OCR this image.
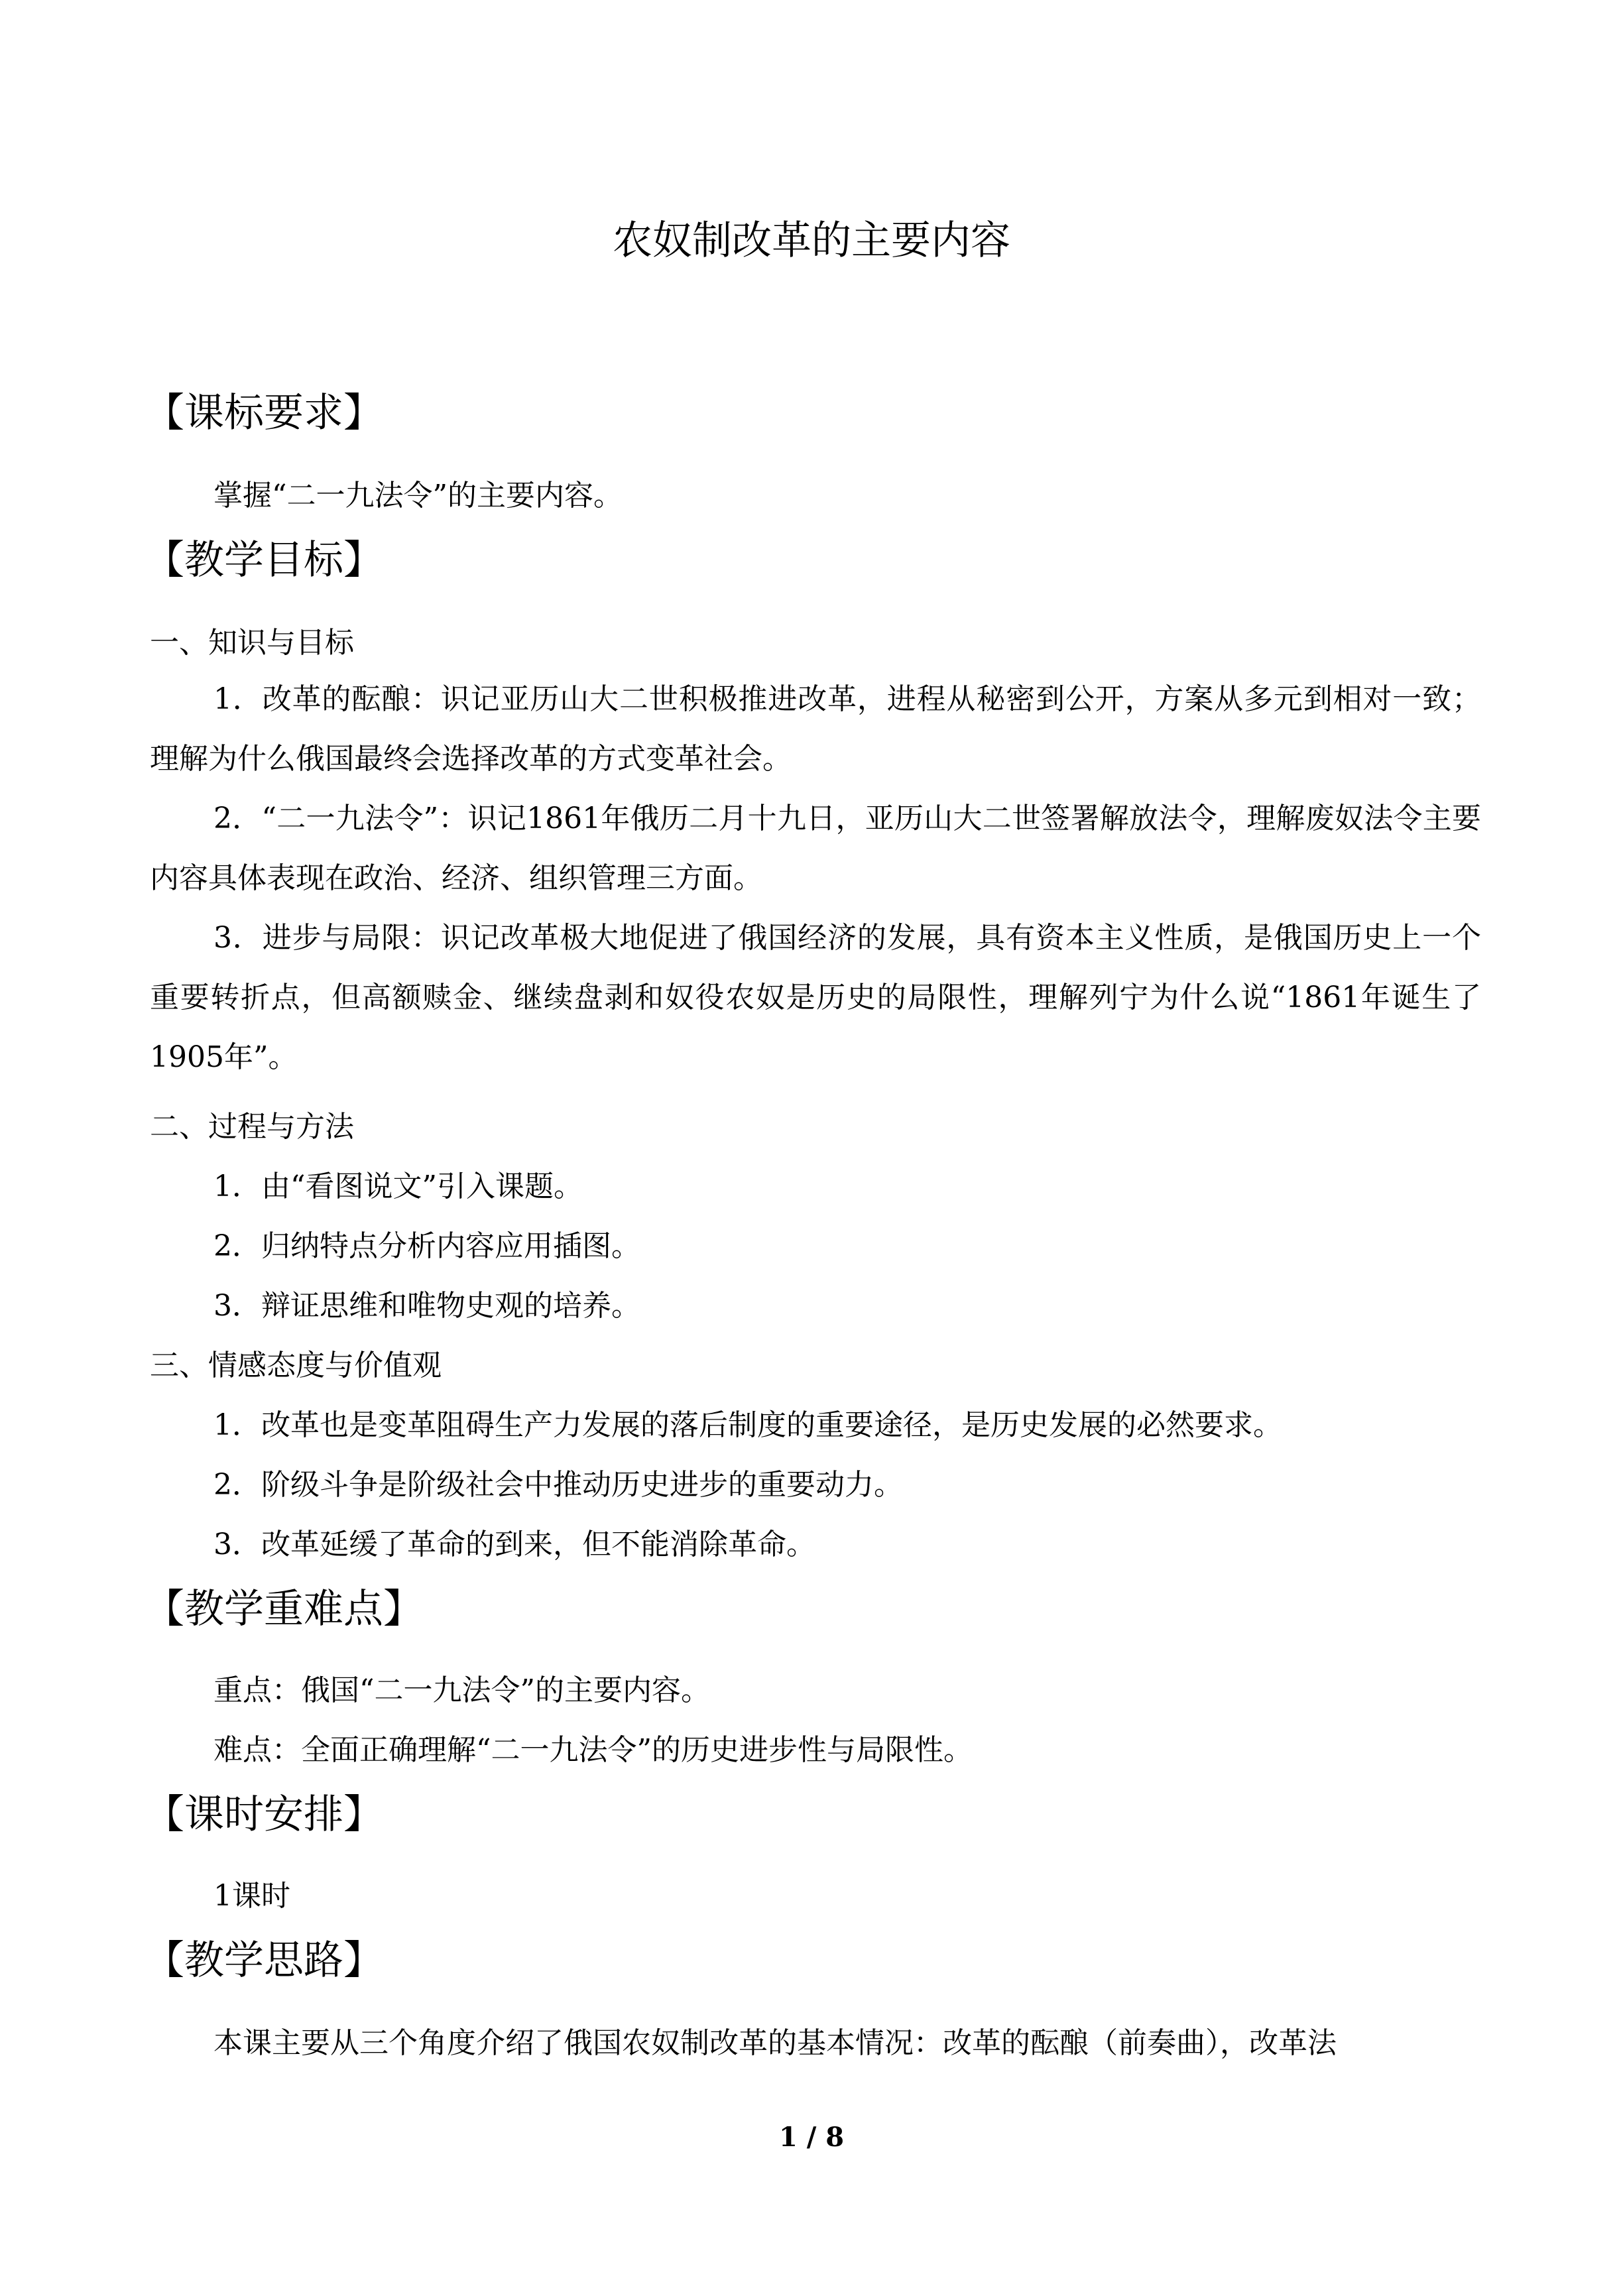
农奴制改革的主要内容
【课标要求】
掌握“二一九法令”的主要内容。
【教学目标】
一、知识与目标
1．改革的酝酿：识记亚历山大二世积极推进改革，进程从秘密到公开，方案从多元到相对一致；理解为什么俄国最终会选择改革的方式变革社会。
2．“二一九法令”：识记1861年俄历二月十九日，亚历山大二世签署解放法令，理解废奴法令主要内容具体表现在政治、经济、组织管理三方面。
3．进步与局限：识记改革极大地促进了俄国经济的发展，具有资本主义性质，是俄国历史上一个重要转折点，但高额赎金、继续盘剥和奴役农奴是历史的局限性，理解列宁为什么说“1861年诞生了1905年”。
二、过程与方法
1．由“看图说文”引入课题。
2．归纳特点分析内容应用插图。
3．辩证思维和唯物史观的培养。
三、情感态度与价值观
1．改革也是变革阻碍生产力发展的落后制度的重要途径，是历史发展的必然要求。
2．阶级斗争是阶级社会中推动历史进步的重要动力。
3．改革延缓了革命的到来，但不能消除革命。
【教学重难点】
重点：俄国“二一九法令”的主要内容。
难点：全面正确理解“二一九法令”的历史进步性与局限性。
【课时安排】
1课时
【教学思路】
本课主要从三个角度介绍了俄国农奴制改革的基本情况：改革的酝酿（前奏曲），改革法
1 / 8
